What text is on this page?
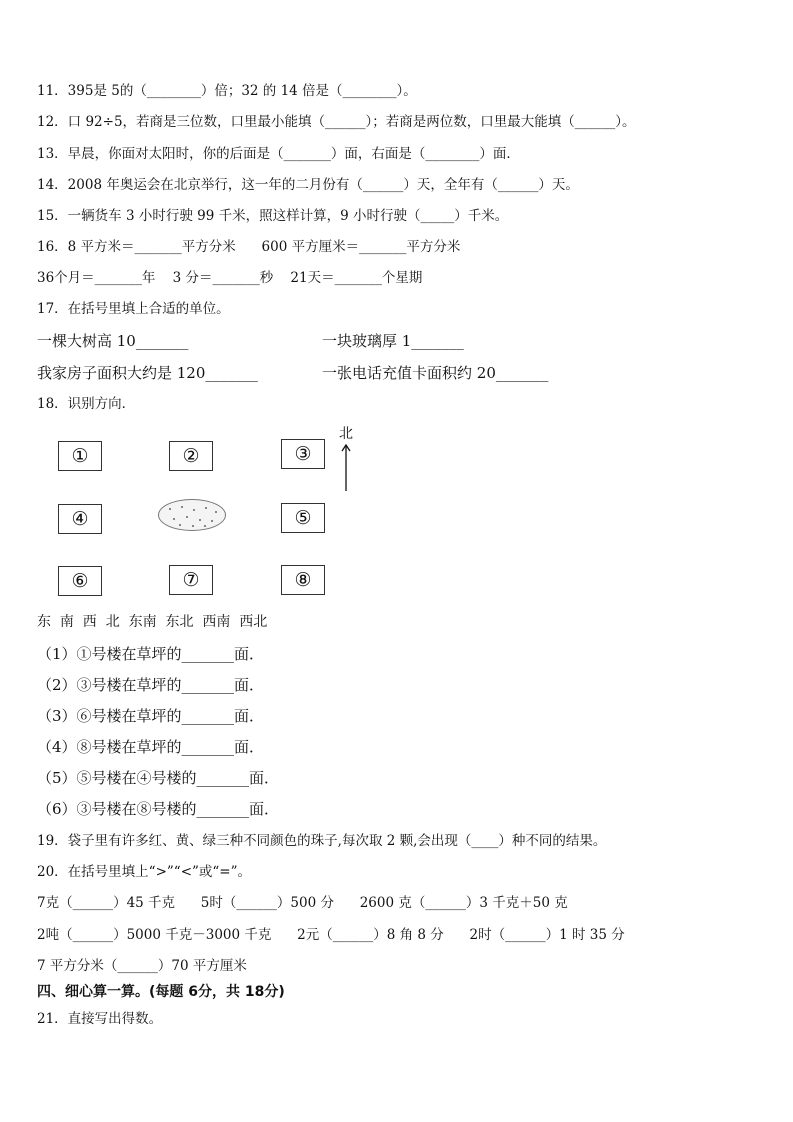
11．395是 5的（________）倍；32 的 14 倍是（________）。
12．口 92÷5，若商是三位数，口里最小能填（______）；若商是两位数，口里最大能填（______）。
13．早晨，你面对太阳时，你的后面是（_______）面，右面是（________）面．
14．2008 年奥运会在北京举行，这一年的二月份有（______）天，全年有（______）天。
15．一辆货车 3 小时行驶 99 千米，照这样计算，9 小时行驶（_____）千米。
16．8 平方米＝_______平方分米      600 平方厘米＝_______平方分米
36个月＝_______年    3 分＝_______秒    21天＝_______个星期
17．在括号里填上合适的单位。
一棵大树高 10_______	一块玻璃厚 1_______
我家房子面积大约是 120_______	一张电话充值卡面积约 20_______
18．识别方向．
①	②	③
④	⑤
⑥	⑦	⑧
北
东  南  西  北  东南  东北  西南  西北
（1）①号楼在草坪的_______面．
（2）③号楼在草坪的_______面．
（3）⑥号楼在草坪的_______面．
（4）⑧号楼在草坪的_______面．
（5）⑤号楼在④号楼的_______面．
（6）③号楼在⑧号楼的_______面．
19．袋子里有许多红、黄、绿三种不同颜色的珠子,每次取 2 颗,会出现（____）种不同的结果。
20．在括号里填上“>”“<”或“=”。
7克（______）45 千克      5时（______）500 分      2600 克（______）3 千克＋50 克
2吨（______）5000 千克－3000 千克      2元（______）8 角 8 分      2时（______）1 时 35 分
7 平方分米（______）70 平方厘米
四、细心算一算。(每题 6分，共 18分)
21．直接写出得数。
